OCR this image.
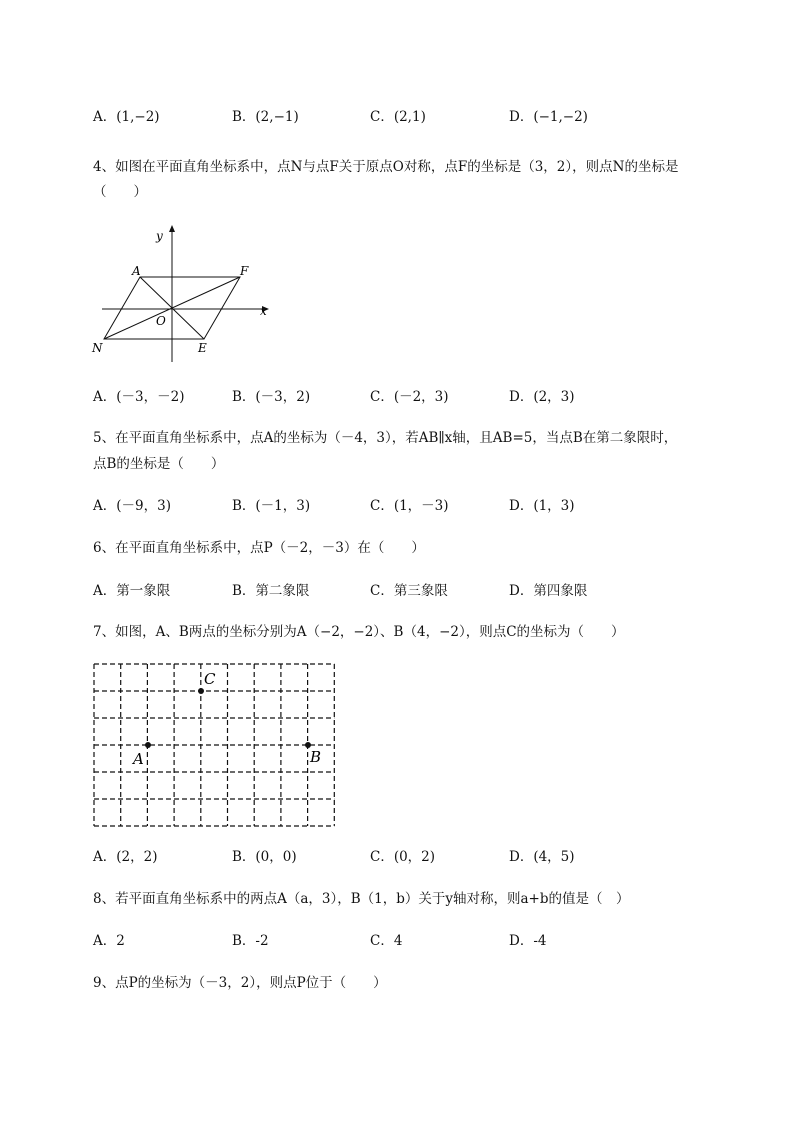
A．(1,−2)	B．(2,−1)	C．(2,1)	D．(−1,−2)
4、如图在平面直角坐标系中，点N与点F关于原点O对称，点F的坐标是（3，2），则点N的坐标是
（　　）
y
x
A	F
O
N	E
A．(－3，－2)	B．(－3，2)	C．(－2，3)	D．(2，3)
5、在平面直角坐标系中，点A的坐标为（－4，3），若AB∥x轴，且AB=5，当点B在第二象限时，
点B的坐标是（　　）
A．(－9，3)	B．(－1，3)	C．(1，－3)	D．(1，3)
6、在平面直角坐标系中，点P（－2，－3）在（　　）
A．第一象限	B．第二象限	C．第三象限	D．第四象限
7、如图，A、B两点的坐标分别为A（−2，−2）、B（4，−2），则点C的坐标为（　　）
A	B
C
A．(2，2)	B．(0，0)	C．(0，2)	D．(4，5)
8、若平面直角坐标系中的两点A（a，3），B（1，b）关于y轴对称，则a+b的值是（　）
A．2	B．-2	C．4	D．-4
9、点P的坐标为（－3，2），则点P位于（　　）
